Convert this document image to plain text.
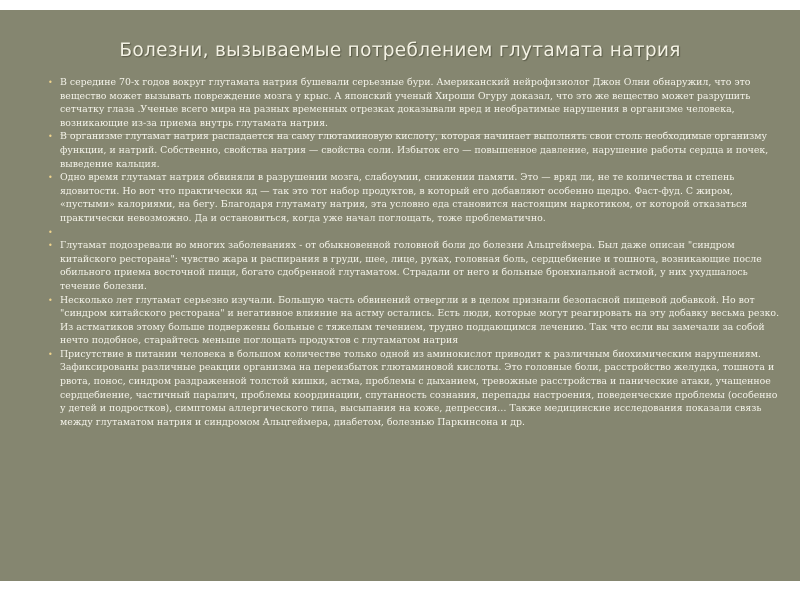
Болезни, вызываемые потреблением глутамата натрия
• В середине 70-х годов вокруг глутамата натрия бушевали серьезные бури. Американский нейрофизиолог Джон Олни обнаружил, что это вещество может вызывать повреждение мозга у крыс. А японский ученый Хироши Огуру доказал, что это же вещество может разрушить сетчатку глаза .Ученые всего мира на разных временных отрезках доказывали вред и необратимые нарушения в организме человека, возникающие из-за приема внутрь глутамата натрия.
• В организме глутамат натрия распадается на саму глютаминовую кислоту, которая начинает выполнять свои столь необходимые организму функции, и натрий. Собственно, свойства натрия — свойства соли. Избыток его — повышенное давление, нарушение работы сердца и почек, выведение кальция.
• Одно время глутамат натрия обвиняли в разрушении мозга, слабоумии, снижении памяти. Это — вряд ли, не те количества и степень ядовитости. Но вот что практически яд — так это тот набор продуктов, в который его добавляют особенно щедро. Фаст-фуд. С жиром, «пустыми» калориями, на бегу. Благодаря глутамату натрия, эта условно еда становится настоящим наркотиком, от которой отказаться практически невозможно. Да и остановиться, когда уже начал поглощать, тоже проблематично.
•
• Глутамат подозревали во многих заболеваниях - от обыкновенной головной боли до болезни Альцгеймера. Был даже описан "синдром китайского ресторана": чувство жара и распирания в груди, шее, лице, руках, головная боль, сердцебиение и тошнота, возникающие после обильного приема восточной пищи, богато сдобренной глутаматом. Страдали от него и больные бронхиальной астмой, у них ухудшалось течение болезни.
• Несколько лет глутамат серьезно изучали. Большую часть обвинений отвергли и в целом признали безопасной пищевой добавкой. Но вот "синдром китайского ресторана" и негативное влияние на астму остались. Есть люди, которые могут реагировать на эту добавку весьма резко. Из астматиков этому больше подвержены больные с тяжелым течением, трудно поддающимся лечению. Так что если вы замечали за собой нечто подобное, старайтесь меньше поглощать продуктов с глутаматом натрия
• Присутствие в питании человека в большом количестве только одной из аминокислот приводит к различным биохимическим нарушениям. Зафиксированы различные реакции организма на переизбыток глютаминовой кислоты. Это головные боли, расстройство желудка, тошнота и рвота, понос, синдром раздраженной толстой кишки, астма, проблемы с дыханием, тревожные расстройства и панические атаки, учащенное сердцебиение, частичный паралич, проблемы координации, спутанность сознания, перепады настроения, поведенческие проблемы (особенно у детей и подростков), симптомы аллергического типа, высыпания на коже, депрессия… Также медицинские исследования показали связь между глутаматом натрия и синдромом Альцгеймера, диабетом, болезнью Паркинсона и др.
